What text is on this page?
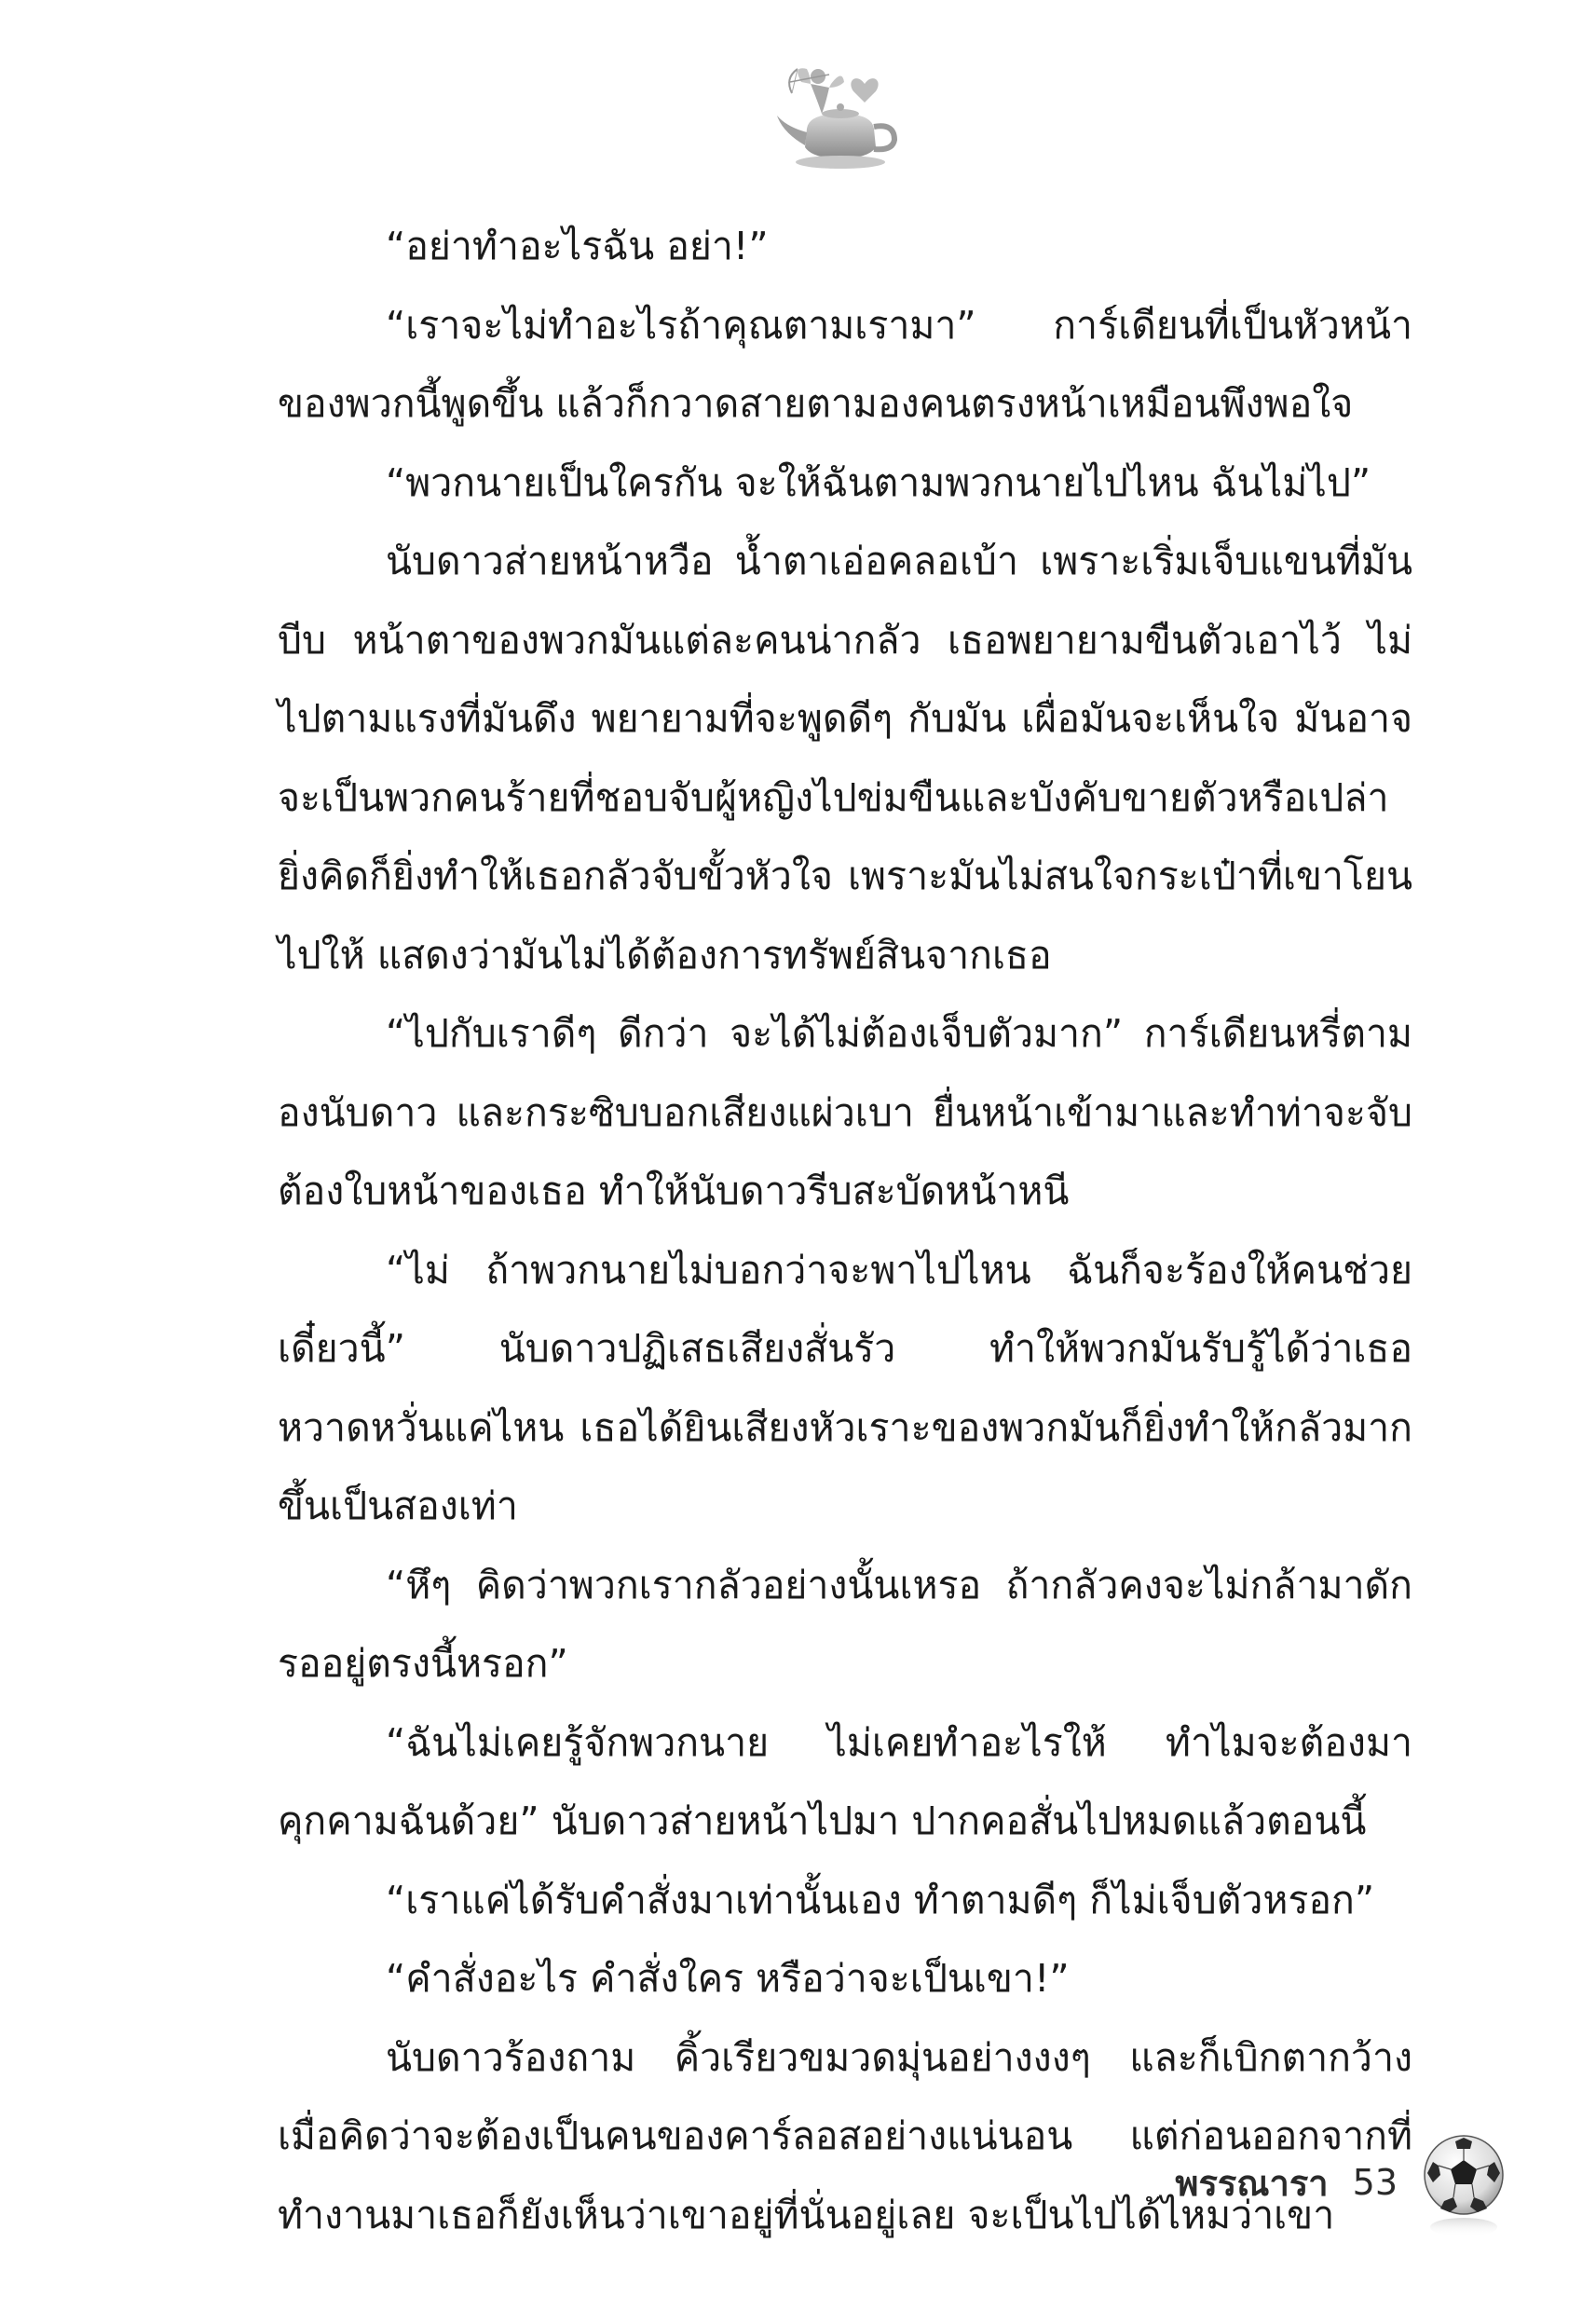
“อย่าทำอะไรฉัน อย่า!”

“เราจะไม่ทำอะไรถ้าคุณตามเรามา” การ์เดียนที่เป็นหัวหน้าของพวกนี้พูดขึ้น แล้วก็กวาดสายตามองคนตรงหน้าเหมือนพึงพอใจ

“พวกนายเป็นใครกัน จะให้ฉันตามพวกนายไปไหน ฉันไม่ไป”

นับดาวส่ายหน้าหวือ น้ำตาเอ่อคลอเบ้า เพราะเริ่มเจ็บแขนที่มันบีบ หน้าตาของพวกมันแต่ละคนน่ากลัว เธอพยายามขืนตัวเอาไว้ ไม่ไปตามแรงที่มันดึง พยายามที่จะพูดดีๆ กับมัน เผื่อมันจะเห็นใจ มันอาจจะเป็นพวกคนร้ายที่ชอบจับผู้หญิงไปข่มขืนและบังคับขายตัวหรือเปล่า ยิ่งคิดก็ยิ่งทำให้เธอกลัวจับขั้วหัวใจ เพราะมันไม่สนใจกระเป๋าที่เขาโยนไปให้ แสดงว่ามันไม่ได้ต้องการทรัพย์สินจากเธอ

“ไปกับเราดีๆ ดีกว่า จะได้ไม่ต้องเจ็บตัวมาก” การ์เดียนหรี่ตามองนับดาว และกระซิบบอกเสียงแผ่วเบา ยื่นหน้าเข้ามาและทำท่าจะจับต้องใบหน้าของเธอ ทำให้นับดาวรีบสะบัดหน้าหนี

“ไม่ ถ้าพวกนายไม่บอกว่าจะพาไปไหน ฉันก็จะร้องให้คนช่วยเดี๋ยวนี้” นับดาวปฏิเสธเสียงสั่นรัว ทำให้พวกมันรับรู้ได้ว่าเธอหวาดหวั่นแค่ไหน เธอได้ยินเสียงหัวเราะของพวกมันก็ยิ่งทำให้กลัวมากขึ้นเป็นสองเท่า

“หึๆ คิดว่าพวกเรากลัวอย่างนั้นเหรอ ถ้ากลัวคงจะไม่กล้ามาดักรออยู่ตรงนี้หรอก”

“ฉันไม่เคยรู้จักพวกนาย ไม่เคยทำอะไรให้ ทำไมจะต้องมาคุกคามฉันด้วย” นับดาวส่ายหน้าไปมา ปากคอสั่นไปหมดแล้วตอนนี้

“เราแค่ได้รับคำสั่งมาเท่านั้นเอง ทำตามดีๆ ก็ไม่เจ็บตัวหรอก”

“คำสั่งอะไร คำสั่งใคร หรือว่าจะเป็นเขา!”

นับดาวร้องถาม คิ้วเรียวขมวดมุ่นอย่างงงๆ และก็เบิกตากว้างเมื่อคิดว่าจะต้องเป็นคนของคาร์ลอสอย่างแน่นอน แต่ก่อนออกจากที่ทำงานมาเธอก็ยังเห็นว่าเขาอยู่ที่นั่นอยู่เลย จะเป็นไปได้ไหมว่าเขา

พรรณารา 53
